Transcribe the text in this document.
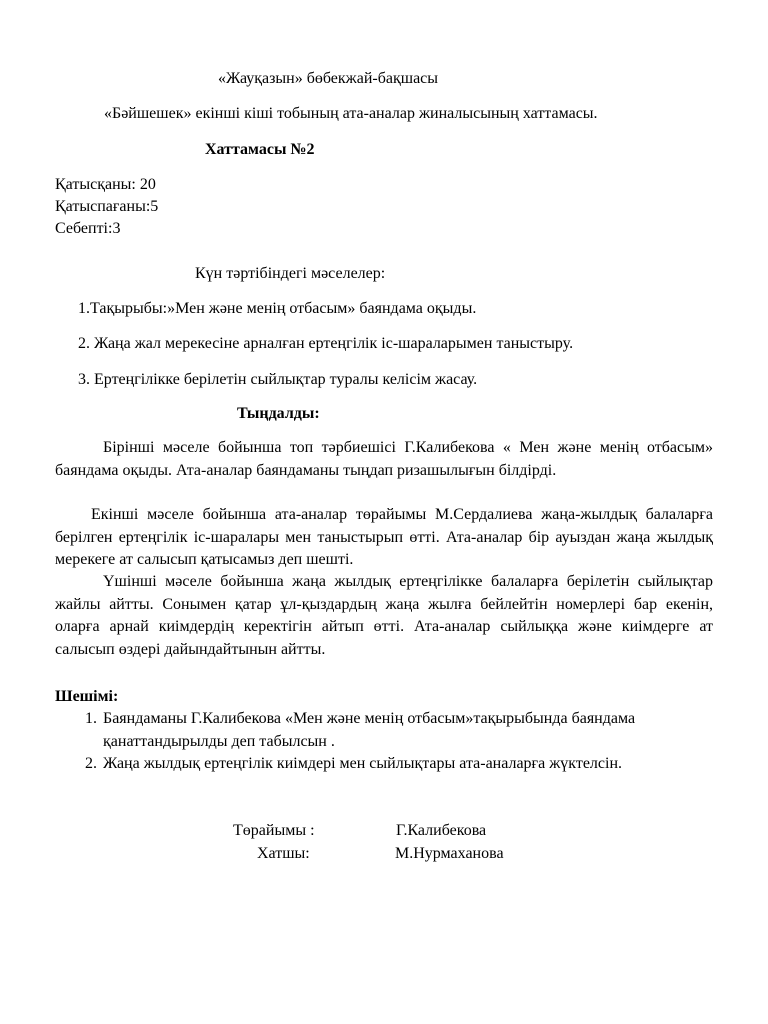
«Жауқазын» бөбекжай-бақшасы
«Бәйшешек» екінші кіші тобының ата-аналар жиналысының хаттамасы.
Хаттамасы №2
Қатысқаны: 20
Қатыспағаны:5
Себепті:3
Күн тәртібіндегі мәселелер:
1.Тақырыбы:»Мен және менің отбасым» баяндама оқыды.
2. Жаңа жал мерекесіне арналған ертеңгілік іс-шараларымен таныстыру.
3. Ертеңгілікке берілетін сыйлықтар туралы келісім жасау.
Тыңдалды:
Бірінші мәселе бойынша топ тәрбиешісі Г.Калибекова « Мен және менің отбасым» баяндама оқыды. Ата-аналар баяндаманы тыңдап ризашылығын білдірді.
Екінші мәселе бойынша ата-аналар төрайымы М.Сердалиева жаңа-жылдық балаларға берілген ертеңгілік іс-шаралары мен таныстырып өтті. Ата-аналар бір ауыздан жаңа жылдық мерекеге ат салысып қатысамыз деп шешті.
Үшінші мәселе бойынша жаңа жылдық ертеңгілікке балаларға берілетін сыйлықтар жайлы айтты. Сонымен қатар ұл-қыздардың жаңа жылға бейлейтін номерлері бар екенін, оларға арнай киімдердің керектігін айтып өтті. Ата-аналар сыйлыққа және киімдерге ат салысып өздері дайындайтынын айтты.
Шешімі:
1. Баяндаманы Г.Калибекова «Мен және менің отбасым»тақырыбында баяндама қанаттандырылды деп табылсын .
2. Жаңа жылдық ертеңгілік киімдері мен сыйлықтары ата-аналарға жүктелсін.
Төрайымы :	Г.Калибекова
Хатшы:	М.Нурмаханова
